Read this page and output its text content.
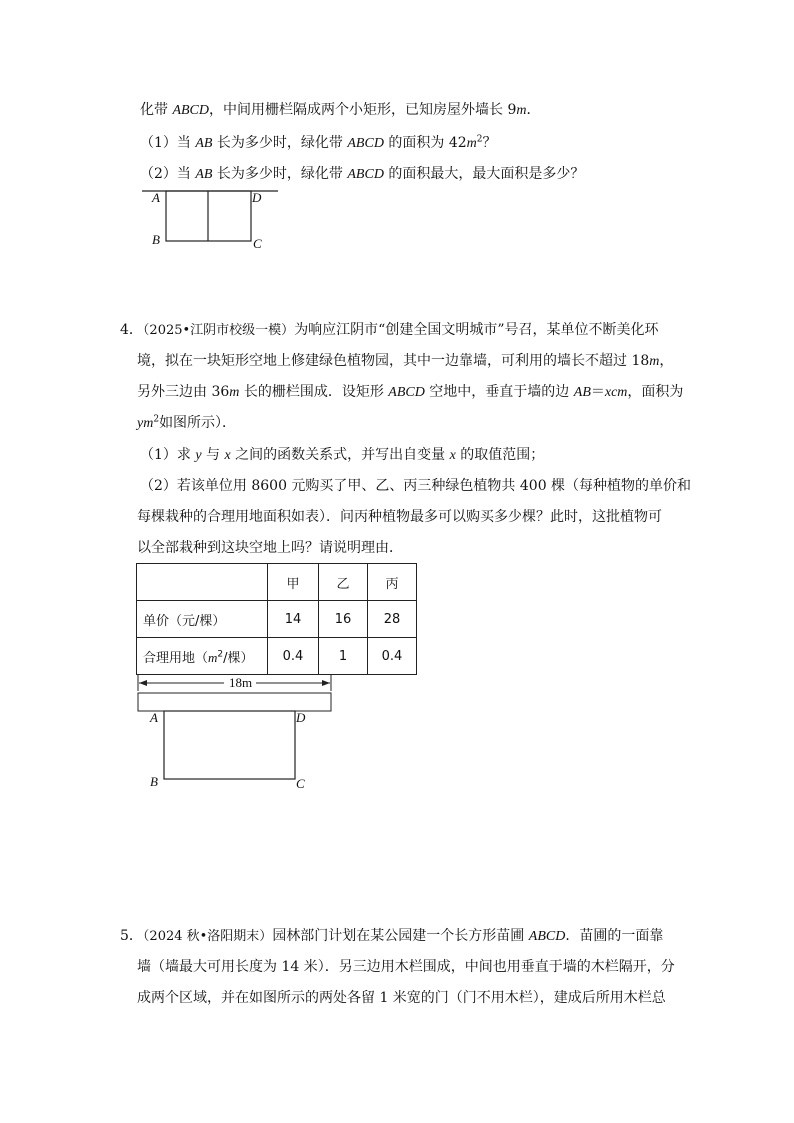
化带 ABCD，中间用栅栏隔成两个小矩形，已知房屋外墙长 9m．
（1）当 AB 长为多少时，绿化带 ABCD 的面积为 $42m^2$？
（2）当 AB 长为多少时，绿化带 ABCD 的面积最大，最大面积是多少？
A	D
B	C
4．（2025•江阴市校级一模）为响应江阴市“创建全国文明城市”号召，某单位不断美化环
境，拟在一块矩形空地上修建绿色植物园，其中一边靠墙，可利用的墙长不超过 18m，
另外三边由 36m 长的栅栏围成．设矩形 ABCD 空地中，垂直于墙的边 AB＝xcm，面积为
$ym^2$如图所示）．
（1）求 y 与 x 之间的函数关系式，并写出自变量 x 的取值范围；
（2）若该单位用 8600 元购买了甲、乙、丙三种绿色植物共 400 棵（每种植物的单价和
每棵栽种的合理用地面积如表）．问丙种植物最多可以购买多少棵？此时，这批植物可
以全部栽种到这块空地上吗？请说明理由．
	甲	乙	丙
单价（元/棵）	14	16	28
合理用地（$m^2/$棵）	0.4	1	0.4
18m
A	D
B	C
5．（2024 秋•洛阳期末）园林部门计划在某公园建一个长方形苗圃 ABCD．苗圃的一面靠
墙（墙最大可用长度为 14 米）．另三边用木栏围成，中间也用垂直于墙的木栏隔开，分
成两个区域，并在如图所示的两处各留 1 米宽的门（门不用木栏），建成后所用木栏总
